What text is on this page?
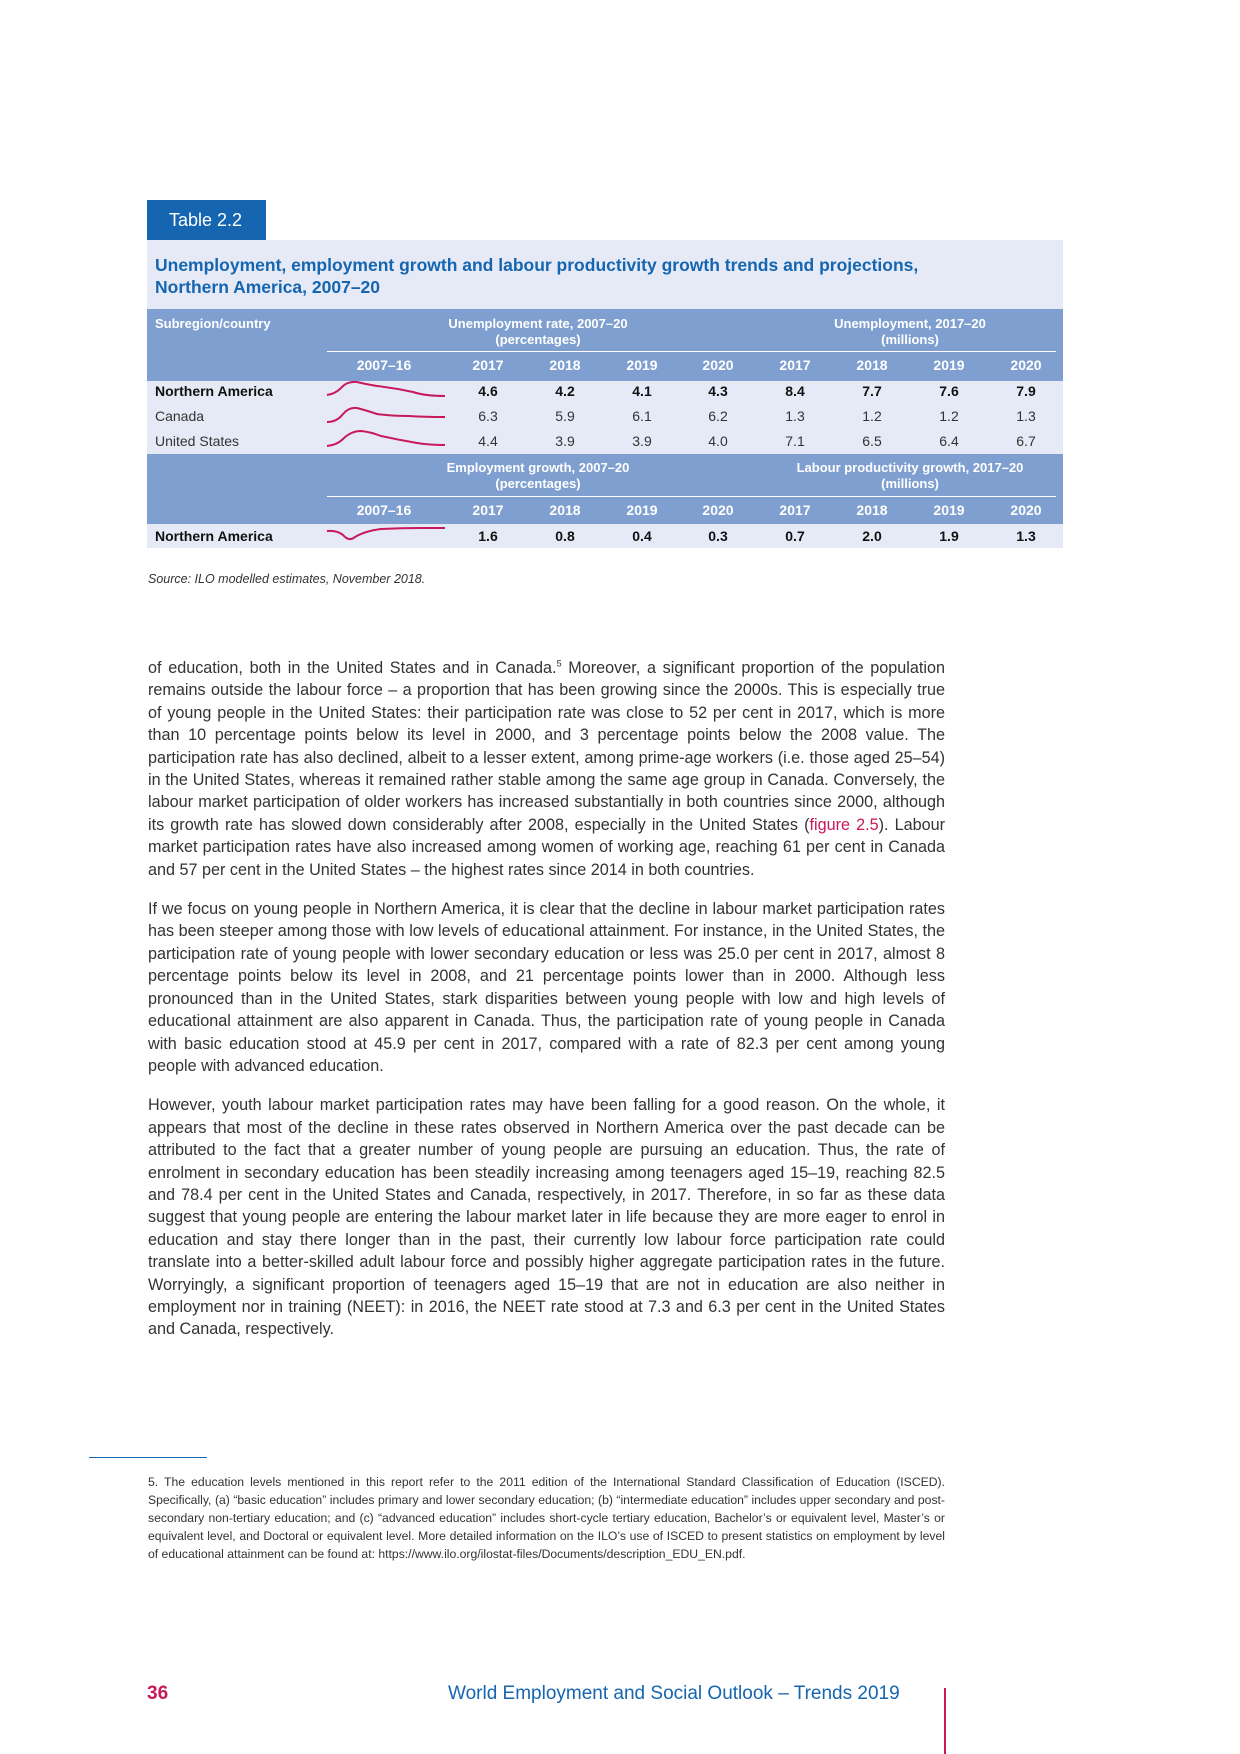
Table 2.2
Unemployment, employment growth and labour productivity growth trends and projections,
Northern America, 2007–20
Subregion/country	Unemployment rate, 2007–20
(percentages)
Unemployment, 2017–20
(millions)
2007–16	2017	2018	2019	2020	2017	2018	2019	2020
Northern America	4.6	4.2	4.1	4.3	8.4	7.7	7.6	7.9
Canada	6.3	5.9	6.1	6.2	1.3	1.2	1.2	1.3
United States	4.4	3.9	3.9	4.0	7.1	6.5	6.4	6.7
Employment growth, 2007–20
(percentages)
Labour productivity growth, 2017–20
(millions)
2007–16	2017	2018	2019	2020	2017	2018	2019	2020
Northern America	1.6	0.8	0.4	0.3	0.7	2.0	1.9	1.3
Source: ILO modelled estimates, November 2018.

of education, both in the United States and in Canada.$^5$ Moreover, a significant proportion of the population remains outside the labour force – a proportion that has been growing since the 2000s. This is especially true of young people in the United States: their participation rate was close to 52 per cent in 2017, which is more than 10 percentage points below its level in 2000, and 3 percentage points below the 2008 value. The participation rate has also declined, albeit to a lesser extent, among prime-age workers (i.e. those aged 25–54) in the United States, whereas it remained rather stable among the same age group in Canada. Conversely, the labour market participation of older workers has increased substantially in both countries since 2000, although its growth rate has slowed down considerably after 2008, especially in the United States (figure 2.5). Labour market participation rates have also increased among women of working age, reaching 61 per cent in Canada and 57 per cent in the United States – the highest rates since 2014 in both countries.

If we focus on young people in Northern America, it is clear that the decline in labour market participation rates has been steeper among those with low levels of educational attainment. For instance, in the United States, the participation rate of young people with lower secondary education or less was 25.0 per cent in 2017, almost 8 percentage points below its level in 2008, and 21 percentage points lower than in 2000. Although less pronounced than in the United States, stark disparities between young people with low and high levels of educational attainment are also apparent in Canada. Thus, the participation rate of young people in Canada with basic education stood at 45.9 per cent in 2017, compared with a rate of 82.3 per cent among young people with advanced education.

However, youth labour market participation rates may have been falling for a good reason. On the whole, it appears that most of the decline in these rates observed in Northern America over the past decade can be attributed to the fact that a greater number of young people are pursuing an education. Thus, the rate of enrolment in secondary education has been steadily increasing among teenagers aged 15–19, reaching 82.5 and 78.4 per cent in the United States and Canada, respectively, in 2017. Therefore, in so far as these data suggest that young people are entering the labour market later in life because they are more eager to enrol in education and stay there longer than in the past, their currently low labour force participation rate could translate into a better-skilled adult labour force and possibly higher aggregate participation rates in the future. Worryingly, a significant proportion of teenagers aged 15–19 that are not in education are also neither in employment nor in training (NEET): in 2016, the NEET rate stood at 7.3 and 6.3 per cent in the United States and Canada, respectively.

5. The education levels mentioned in this report refer to the 2011 edition of the International Standard Classification of Education (ISCED). Specifically, (a) “basic education” includes primary and lower secondary education; (b) “intermediate education” includes upper secondary and post-secondary non-tertiary education; and (c) “advanced education” includes short-cycle tertiary education, Bachelor’s or equivalent level, Master’s or equivalent level, and Doctoral or equivalent level. More detailed information on the ILO’s use of ISCED to present statistics on employment by level of educational attainment can be found at: https://www.ilo.org/ilostat-files/Documents/description_EDU_EN.pdf.
36	World Employment and Social Outlook – Trends 2019
